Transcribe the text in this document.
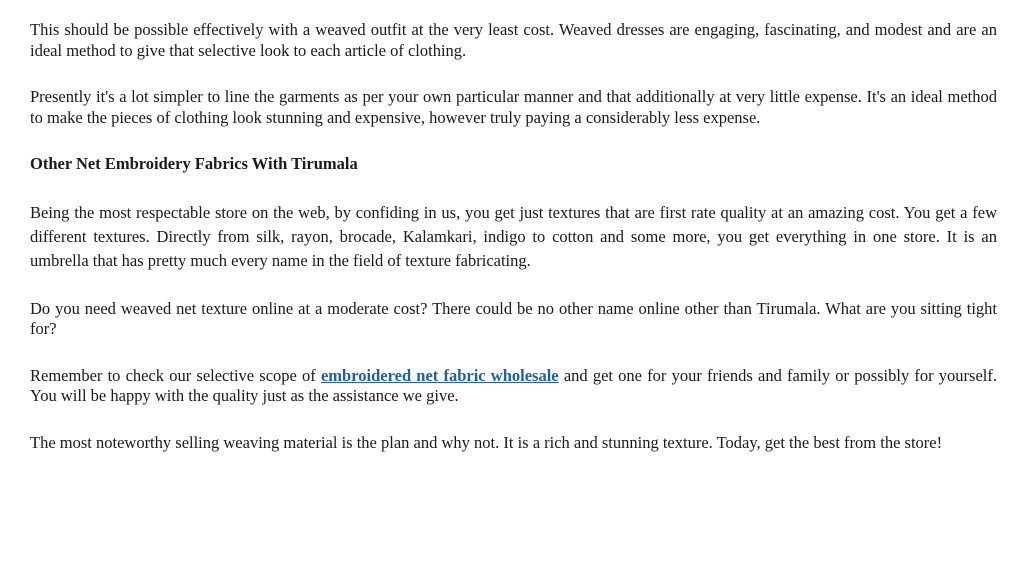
This should be possible effectively with a weaved outfit at the very least cost. Weaved dresses are engaging, fascinating, and modest and are an ideal method to give that selective look to each article of clothing.

Presently it's a lot simpler to line the garments as per your own particular manner and that additionally at very little expense. It's an ideal method to make the pieces of clothing look stunning and expensive, however truly paying a considerably less expense.

Other Net Embroidery Fabrics With Tirumala

Being the most respectable store on the web, by confiding in us, you get just textures that are first rate quality at an amazing cost. You get a few different textures. Directly from silk, rayon, brocade, Kalamkari, indigo to cotton and some more, you get everything in one store. It is an umbrella that has pretty much every name in the field of texture fabricating.

Do you need weaved net texture online at a moderate cost? There could be no other name online other than Tirumala. What are you sitting tight for?

Remember to check our selective scope of embroidered net fabric wholesale and get one for your friends and family or possibly for yourself. You will be happy with the quality just as the assistance we give.

The most noteworthy selling weaving material is the plan and why not. It is a rich and stunning texture. Today, get the best from the store!
